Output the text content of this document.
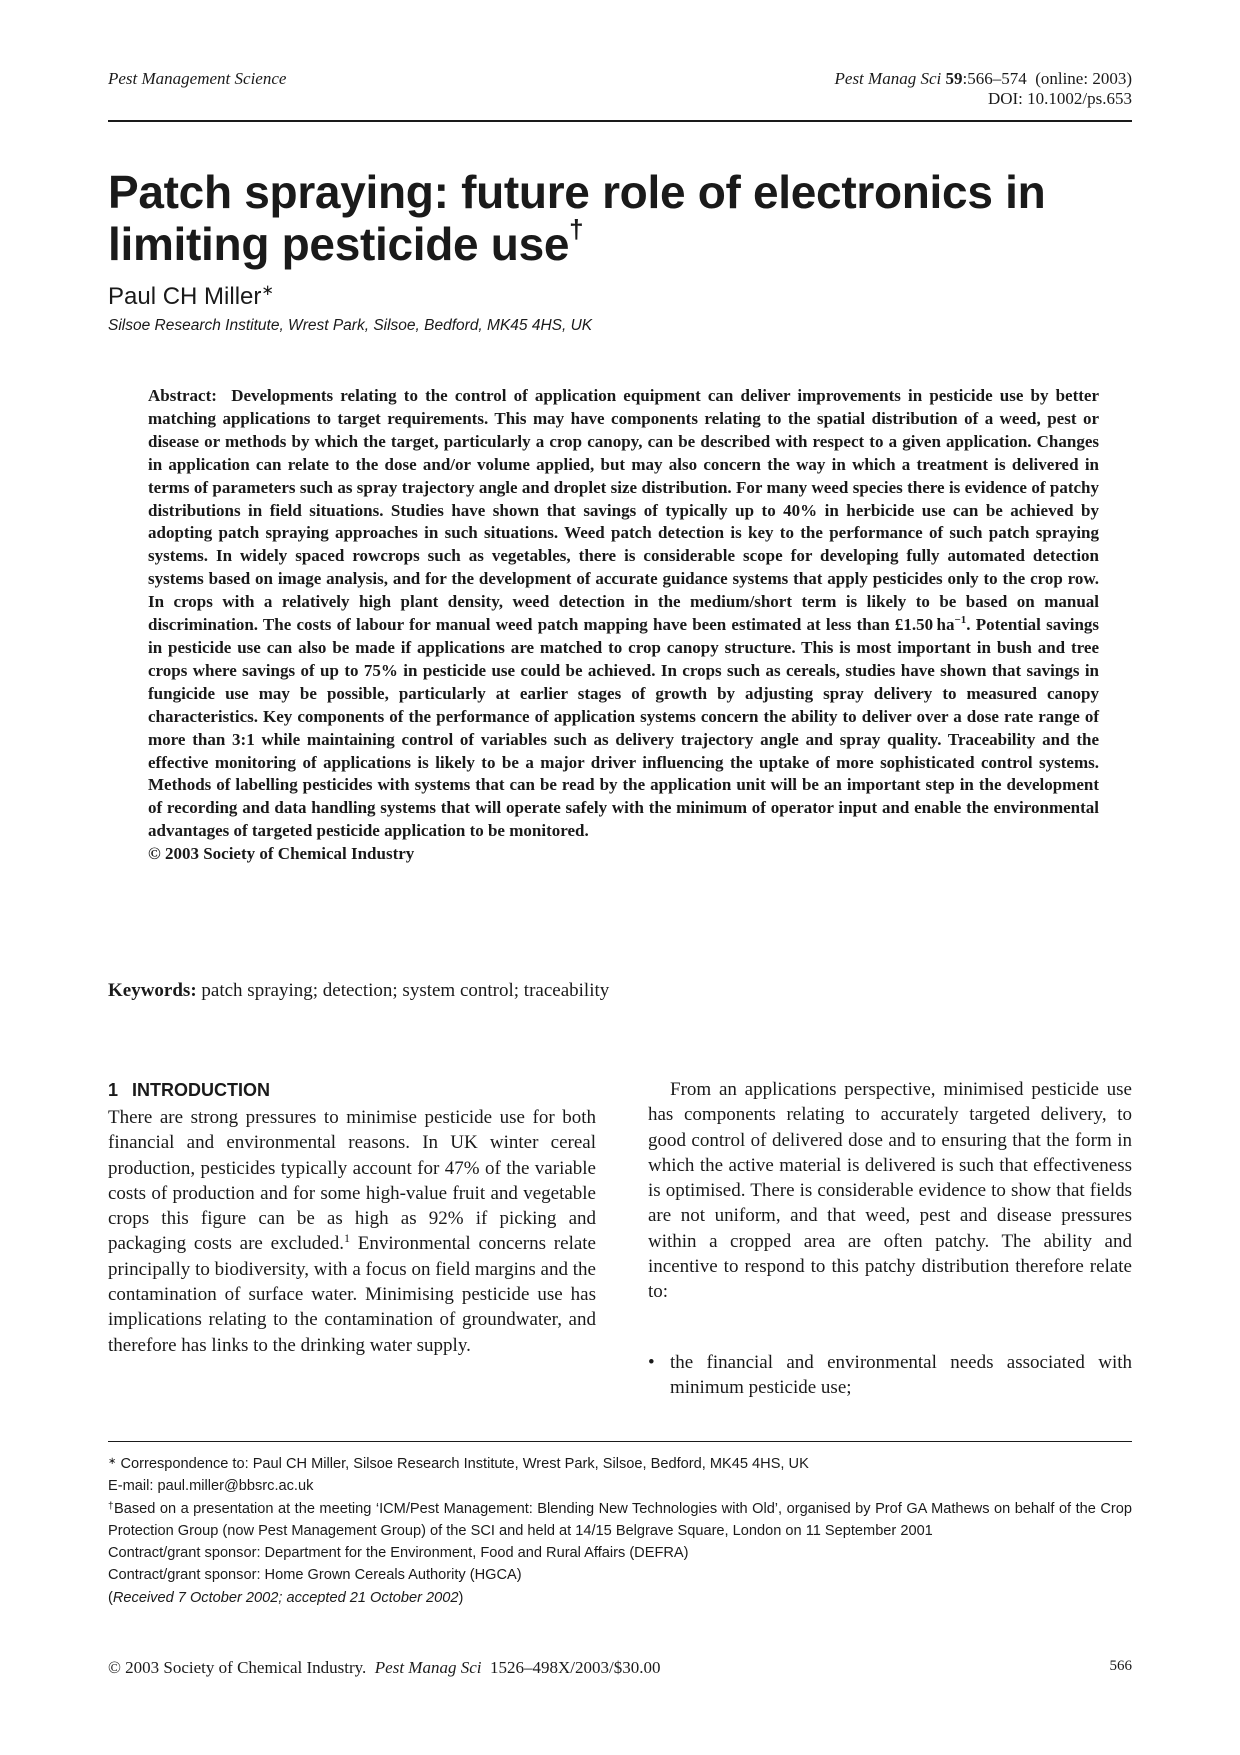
Pest Management Science	Pest Manag Sci 59:566–574 (online: 2003)
DOI: 10.1002/ps.653
Patch spraying: future role of electronics in limiting pesticide use†
Paul CH Miller∗
Silsoe Research Institute, Wrest Park, Silsoe, Bedford, MK45 4HS, UK
Abstract: Developments relating to the control of application equipment can deliver improvements in pesticide use by better matching applications to target requirements. This may have components relating to the spatial distribution of a weed, pest or disease or methods by which the target, particularly a crop canopy, can be described with respect to a given application. Changes in application can relate to the dose and/or volume applied, but may also concern the way in which a treatment is delivered in terms of parameters such as spray trajectory angle and droplet size distribution. For many weed species there is evidence of patchy distributions in field situations. Studies have shown that savings of typically up to 40% in herbicide use can be achieved by adopting patch spraying approaches in such situations. Weed patch detection is key to the performance of such patch spraying systems. In widely spaced rowcrops such as vegetables, there is considerable scope for developing fully automated detection systems based on image analysis, and for the development of accurate guidance systems that apply pesticides only to the crop row. In crops with a relatively high plant density, weed detection in the medium/short term is likely to be based on manual discrimination. The costs of labour for manual weed patch mapping have been estimated at less than £1.50  $ha^{-1}$. Potential savings in pesticide use can also be made if applications are matched to crop canopy structure. This is most important in bush and tree crops where savings of up to 75% in pesticide use could be achieved. In crops such as cereals, studies have shown that savings in fungicide use may be possible, particularly at earlier stages of growth by adjusting spray delivery to measured canopy characteristics. Key components of the performance of application systems concern the ability to deliver over a dose rate range of more than 3:1 while maintaining control of variables such as delivery trajectory angle and spray quality. Traceability and the effective monitoring of applications is likely to be a major driver influencing the uptake of more sophisticated control systems. Methods of labelling pesticides with systems that can be read by the application unit will be an important step in the development of recording and data handling systems that will operate safely with the minimum of operator input and enable the environmental advantages of targeted pesticide application to be monitored.
© 2003 Society of Chemical Industry
Keywords: patch spraying; detection; system control; traceability
1 INTRODUCTION

There are strong pressures to minimise pesticide use for both financial and environmental reasons. In UK winter cereal production, pesticides typically account for 47% of the variable costs of production and for some high-value fruit and vegetable crops this figure can be as high as 92% if picking and packaging costs are excluded.$^1$ Environmental concerns relate principally to biodiversity, with a focus on field margins and the contamination of surface water. Minimising pesticide use has implications relating to the contamination of groundwater, and therefore has links to the drinking water supply.

From an applications perspective, minimised pesticide use has components relating to accurately targeted delivery, to good control of delivered dose and to ensuring that the form in which the active material is delivered is such that effectiveness is optimised. There is considerable evidence to show that fields are not uniform, and that weed, pest and disease pressures within a cropped area are often patchy. The ability and incentive to respond to this patchy distribution therefore relate to:

• the financial and environmental needs associated with minimum pesticide use;

∗ Correspondence to: Paul CH Miller, Silsoe Research Institute, Wrest Park, Silsoe, Bedford, MK45 4HS, UK

E-mail: paul.miller@bbsrc.ac.uk

†Based on a presentation at the meeting ‘ICM/Pest Management: Blending New Technologies with Old’, organised by Prof GA Mathews on behalf of the Crop Protection Group (now Pest Management Group) of the SCI and held at 14/15 Belgrave Square, London on 11 September 2001

Contract/grant sponsor: Department for the Environment, Food and Rural Affairs (DEFRA)

Contract/grant sponsor: Home Grown Cereals Authority (HGCA)

(Received 7 October 2002; accepted 21 October 2002)

© 2003 Society of Chemical Industry. Pest Manag Sci 1526–498X/2003/$30.00	566
